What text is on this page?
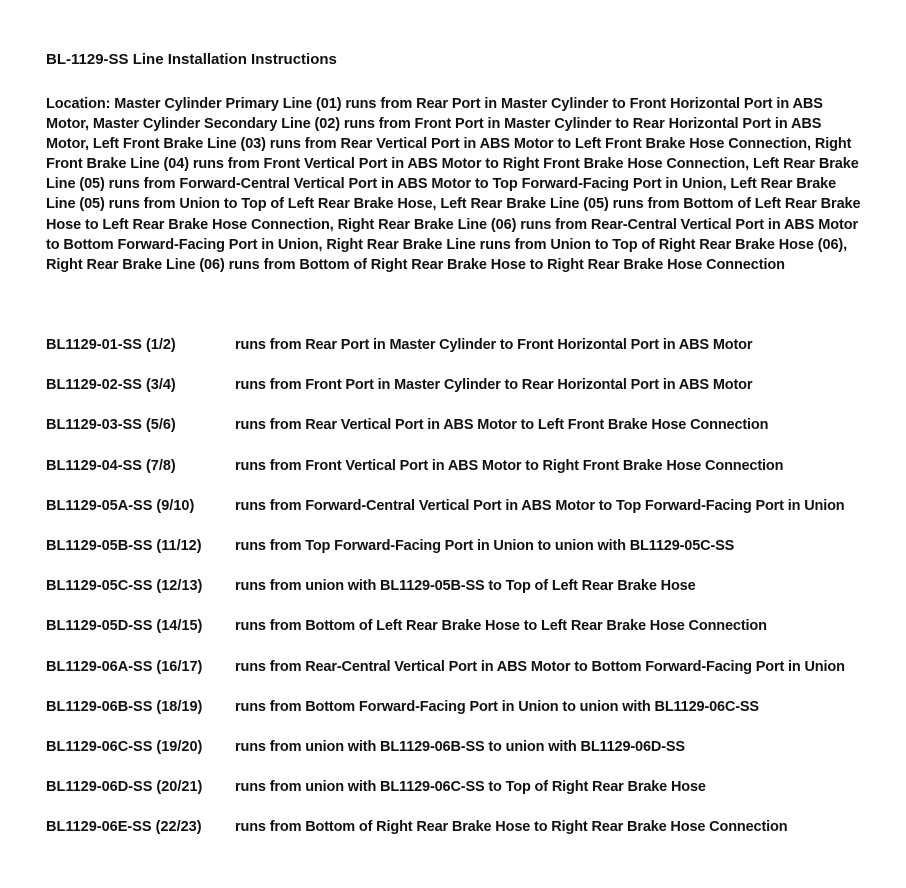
BL-1129-SS Line Installation Instructions
Location: Master Cylinder Primary Line (01) runs from Rear Port in Master Cylinder to Front Horizontal Port in ABS Motor, Master Cylinder Secondary Line (02) runs from Front Port in Master Cylinder to Rear Horizontal Port in ABS Motor, Left Front Brake Line (03) runs from Rear Vertical Port in ABS Motor to Left Front Brake Hose Connection, Right Front Brake Line (04) runs from Front Vertical Port in ABS Motor to Right Front Brake Hose Connection, Left Rear Brake Line (05) runs from Forward-Central Vertical Port in ABS Motor to Top Forward-Facing Port in Union, Left Rear Brake Line (05) runs from Union to Top of Left Rear Brake Hose, Left Rear Brake Line (05) runs from Bottom of Left Rear Brake Hose to Left Rear Brake Hose Connection, Right Rear Brake Line (06) runs from Rear-Central Vertical Port in ABS Motor to Bottom Forward-Facing Port in Union, Right Rear Brake Line runs from Union to Top of Right Rear Brake Hose (06), Right Rear Brake Line (06) runs from Bottom of Right Rear Brake Hose to Right Rear Brake Hose Connection
BL1129-01-SS (1/2)	runs from Rear Port in Master Cylinder to Front Horizontal Port in ABS Motor
BL1129-02-SS (3/4)	runs from Front Port in Master Cylinder to Rear Horizontal Port in ABS Motor
BL1129-03-SS (5/6)	runs from Rear Vertical Port in ABS Motor to Left Front Brake Hose Connection
BL1129-04-SS (7/8)	runs from Front Vertical Port in ABS Motor to Right Front Brake Hose Connection
BL1129-05A-SS (9/10)	runs from Forward-Central Vertical Port in ABS Motor to Top Forward-Facing Port in Union
BL1129-05B-SS (11/12)	runs from Top Forward-Facing Port in Union to union with BL1129-05C-SS
BL1129-05C-SS (12/13)	runs from union with BL1129-05B-SS to Top of Left Rear Brake Hose
BL1129-05D-SS (14/15)	runs from Bottom of Left Rear Brake Hose to Left Rear Brake Hose Connection
BL1129-06A-SS (16/17)	runs from Rear-Central Vertical Port in ABS Motor to Bottom Forward-Facing Port in Union
BL1129-06B-SS (18/19)	runs from Bottom Forward-Facing Port in Union to union with BL1129-06C-SS
BL1129-06C-SS (19/20)	runs from union with BL1129-06B-SS to union with BL1129-06D-SS
BL1129-06D-SS (20/21)	runs from union with BL1129-06C-SS to Top of Right Rear Brake Hose
BL1129-06E-SS (22/23)	runs from Bottom of Right Rear Brake Hose to Right Rear Brake Hose Connection
